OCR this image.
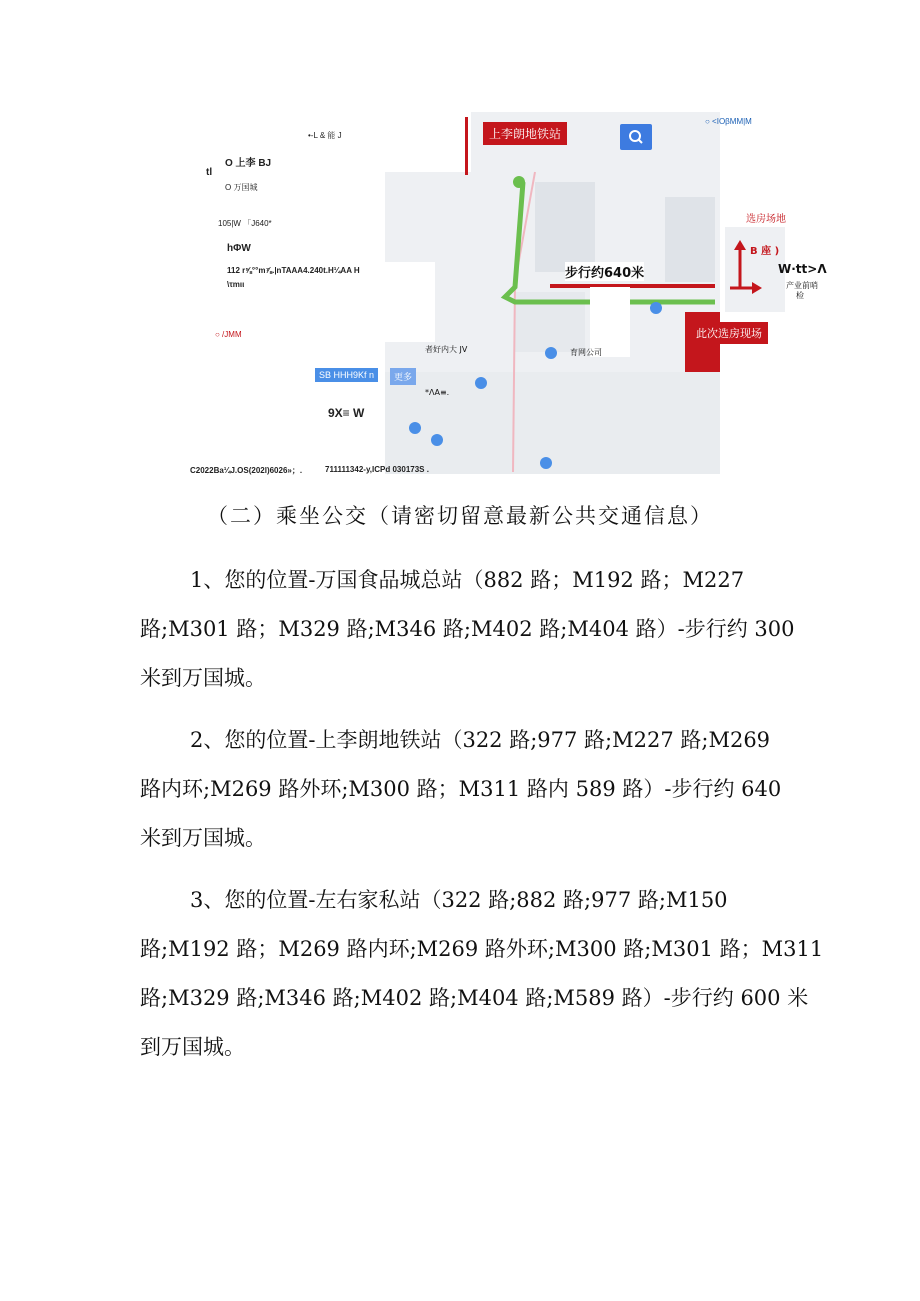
•-L & 能 J
O 上李 BJ
tl
O 万国城
105|W 「J640*
hΦW
112 r⅝°°m⅞.|nTAAA4.240t.H¼AA H
\τmιι
○ /JMM
9X≡ W
育网公司
步行约640米
者好内大 JV
*ΛA≡.
○ <IOβMM|M
选房场地
B 座 )
W·tt>Λ
产业前哨
检
上李朗地铁站
此次选房现场
SB HHH9Kf n	更多
C2022Ba¼J.OS(202l)6026»；.	711111342-y,ICPd 030173S .
（二）乘坐公交（请密切留意最新公共交通信息）
1、您的位置-万国食品城总站（882 路；M192 路；M227
路;M301 路；M329 路;M346 路;M402 路;M404 路）-步行约 300
米到万国城。
2、您的位置-上李朗地铁站（322 路;977 路;M227 路;M269
路内环;M269 路外环;M300 路；M311 路内 589 路）-步行约 640
米到万国城。
3、您的位置-左右家私站（322 路;882 路;977 路;M150
路;M192 路；M269 路内环;M269 路外环;M300 路;M301 路；M311
路;M329 路;M346 路;M402 路;M404 路;M589 路）-步行约 600 米
到万国城。
